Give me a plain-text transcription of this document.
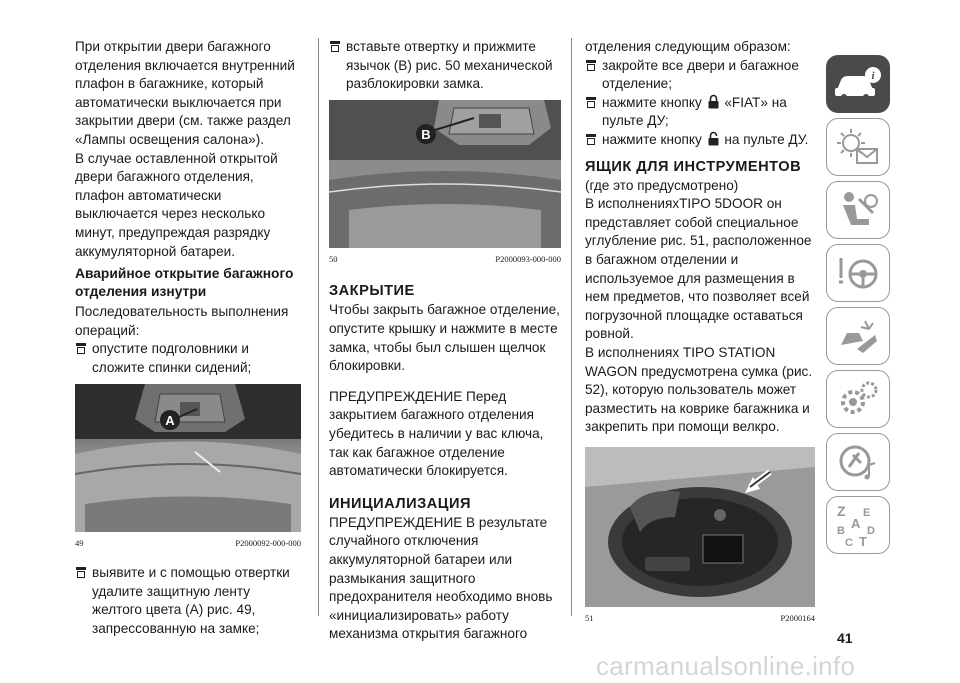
При открытии двери багажного отделения включается внутренний плафон в багажнике, который автоматически выключается при закрытии двери (см. также раздел «Лампы освещения салона»).

В случае оставленной открытой двери багажного отделения, плафон автоматически выключается через несколько минут, предупреждая разрядку аккумуляторной батареи.

Аварийное открытие багажного отделения изнутри

Последовательность выполнения операций:

опустите подголовники и сложите спинки сидений;
A
49	P2000092-000-000
выявите и с помощью отвертки удалите защитную ленту желтого цвета (A) рис. 49, запрессованную на замке;
вставьте отвертку и прижмите язычок (B) рис. 50 механической разблокировки замка.
B
50	P2000093-000-000
ЗАКРЫТИЕ

Чтобы закрыть багажное отделение, опустите крышку и нажмите в месте замка, чтобы был слышен щелчок блокировки.

ПРЕДУПРЕЖДЕНИЕ Перед закрытием багажного отделения убедитесь в наличии у вас ключа, так как багажное отделение автоматически блокируется.

ИНИЦИАЛИЗАЦИЯ

ПРЕДУПРЕЖДЕНИЕ В результате случайного отключения аккумуляторной батареи или размыкания защитного предохранителя необходимо вновь «инициализировать» работу механизма открытия багажного

отделения следующим образом:

закройте все двери и багажное отделение;
нажмите кнопку «FIAT» на пульте ДУ;
нажмите кнопку на пульте ДУ.
ЯЩИК ДЛЯ ИНСТРУМЕНТОВ

(где это предусмотрено)

В исполненияхTIPO 5DOOR он представляет собой специальное углубление рис. 51, расположенное в багажном отделении и используемое для размещения в нем предметов, что позволяет всей погрузочной площадке оставаться ровной.

В исполнениях TIPO STATION WAGON предусмотрена сумка (рис. 52), которую пользователь может разместить на коврике багажника и закрепить при помощи велкро.

51	P2000164
i
Z E
A
B D
C T
41
carmanualsonline.info
